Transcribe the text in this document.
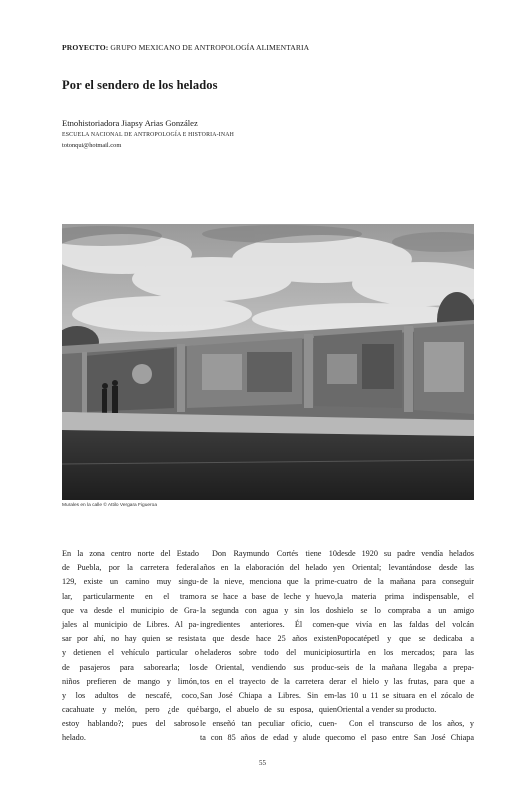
PROYECTO: GRUPO MEXICANO DE ANTROPOLOGÍA ALIMENTARIA
Por el sendero de los helados
Etnohistoriadora Jiapsy Arias González
ESCUELA NACIONAL DE ANTROPOLOGÍA E HISTORIA-INAH
totonqui@hotmail.com
Murales en la calle © Attilo Vergara Figueroa
En la zona centro norte del Estado
de Puebla, por la carretera federal
129, existe un camino muy singu-
lar, particularmente en el tramo
que va desde el municipio de Gra-
jales al municipio de Libres. Al pa-
sar por ahí, no hay quien se resista
y detienen el vehículo particular o
de pasajeros para saborearla; los
niños prefieren de mango y limón,
y los adultos de nescafé, coco,
cacahuate y melón, pero ¿de qué
estoy hablando?; pues del sabroso
helado.
Don Raymundo Cortés tiene 10
años en la elaboración del helado y
de la nieve, menciona que la prime-
ra se hace a base de leche y huevo,
la segunda con agua y sin los dos
ingredientes anteriores. Él comen-
ta que desde hace 25 años existen
heladeros sobre todo del municipio
de Oriental, vendiendo sus produc-
tos en el trayecto de la carretera de
San José Chiapa a Libres. Sin em-
bargo, el abuelo de su esposa, quien
le enseñó tan peculiar oficio, cuen-
ta con 85 años de edad y alude que
desde 1920 su padre vendía helados
en Oriental; levantándose desde las
cuatro de la mañana para conseguir
la materia prima indispensable, el
hielo se lo compraba a un amigo
que vivía en las faldas del volcán
Popocatépetl y que se dedicaba a
surtirla en los mercados; para las
seis de la mañana llegaba a prepa-
rar el hielo y las frutas, para que a
las 10 u 11 se situara en el zócalo de
Oriental a vender su producto.
Con el transcurso de los años, y
como el paso entre San José Chiapa
55
